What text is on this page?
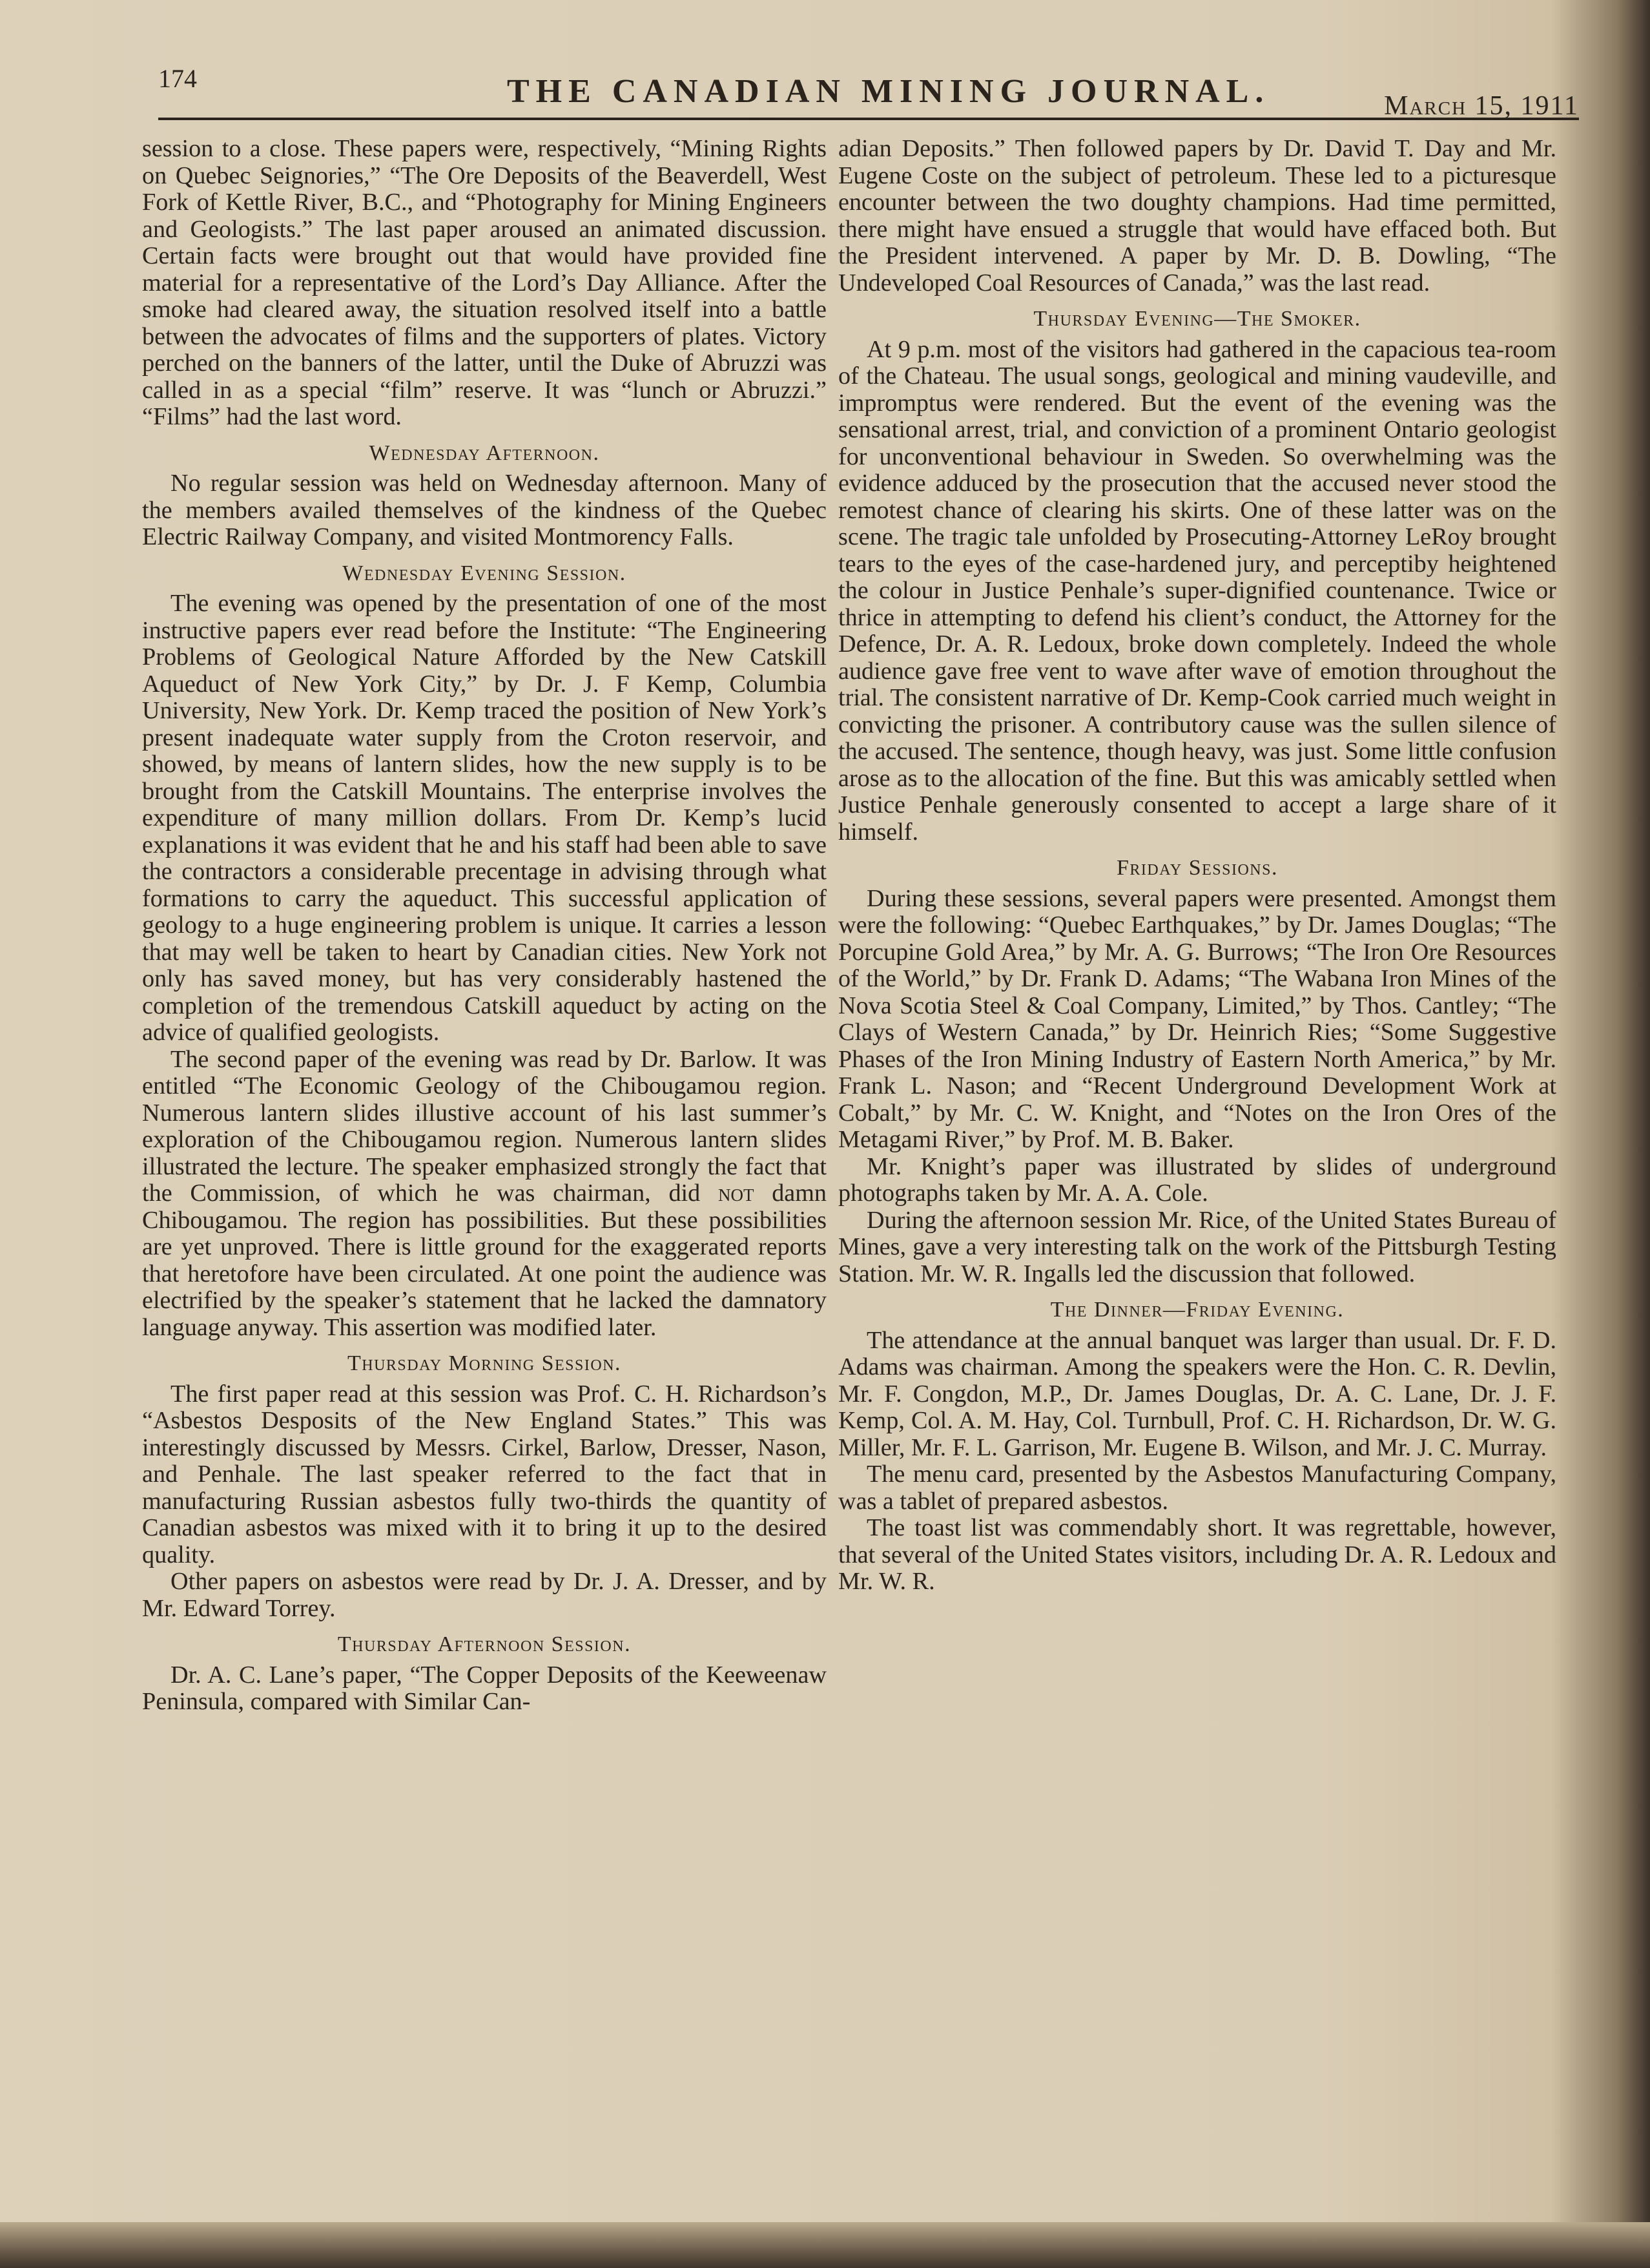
174	THE CANADIAN MINING JOURNAL.	March 15, 1911

session to a close. These papers were, respectively, “Mining Rights on Quebec Seignories,” “The Ore Deposits of the Beaverdell, West Fork of Kettle River, B.C., and “Photography for Mining Engineers and Geologists.” The last paper aroused an animated discussion. Certain facts were brought out that would have provided fine material for a representative of the Lord’s Day Alliance. After the smoke had cleared away, the situation resolved itself into a battle between the advocates of films and the supporters of plates. Victory perched on the banners of the latter, until the Duke of Abruzzi was called in as a special “film” reserve. It was “lunch or Abruzzi.” “Films” had the last word.

Wednesday Afternoon.

No regular session was held on Wednesday afternoon. Many of the members availed themselves of the kindness of the Quebec Electric Railway Company, and visited Montmorency Falls.

Wednesday Evening Session.

The evening was opened by the presentation of one of the most instructive papers ever read before the Institute: “The Engineering Problems of Geological Nature Afforded by the New Catskill Aqueduct of New York City,” by Dr. J. F Kemp, Columbia University, New York. Dr. Kemp traced the position of New York’s present inadequate water supply from the Croton reservoir, and showed, by means of lantern slides, how the new supply is to be brought from the Catskill Mountains. The enterprise involves the expenditure of many million dollars. From Dr. Kemp’s lucid explanations it was evident that he and his staff had been able to save the contractors a considerable precentage in advising through what formations to carry the aqueduct. This successful application of geology to a huge engineering problem is unique. It carries a lesson that may well be taken to heart by Canadian cities. New York not only has saved money, but has very considerably hastened the completion of the tremendous Catskill aqueduct by acting on the advice of qualified geologists.

The second paper of the evening was read by Dr. Barlow. It was entitled “The Economic Geology of the Chibougamou region. Numerous lantern slides illustive account of his last summer’s exploration of the Chibougamou region. Numerous lantern slides illustrated the lecture. The speaker emphasized strongly the fact that the Commission, of which he was chairman, did not damn Chibougamou. The region has possibilities. But these possibilities are yet unproved. There is little ground for the exaggerated reports that heretofore have been circulated. At one point the audience was electrified by the speaker’s statement that he lacked the damnatory language anyway. This assertion was modified later.

Thursday Morning Session.

The first paper read at this session was Prof. C. H. Richardson’s “Asbestos Desposits of the New England States.” This was interestingly discussed by Messrs. Cirkel, Barlow, Dresser, Nason, and Penhale. The last speaker referred to the fact that in manufacturing Russian asbestos fully two-thirds the quantity of Canadian asbestos was mixed with it to bring it up to the desired quality.

Other papers on asbestos were read by Dr. J. A. Dresser, and by Mr. Edward Torrey.

Thursday Afternoon Session.

Dr. A. C. Lane’s paper, “The Copper Deposits of the Keeweenaw Peninsula, compared with Similar Can-

adian Deposits.” Then followed papers by Dr. David T. Day and Mr. Eugene Coste on the subject of petroleum. These led to a picturesque encounter between the two doughty champions. Had time permitted, there might have ensued a struggle that would have effaced both. But the President intervened. A paper by Mr. D. B. Dowling, “The Undeveloped Coal Resources of Canada,” was the last read.

Thursday Evening—The Smoker.

At 9 p.m. most of the visitors had gathered in the capacious tea-room of the Chateau. The usual songs, geological and mining vaudeville, and impromptus were rendered. But the event of the evening was the sensational arrest, trial, and conviction of a prominent Ontario geologist for unconventional behaviour in Sweden. So overwhelming was the evidence adduced by the prosecution that the accused never stood the remotest chance of clearing his skirts. One of these latter was on the scene. The tragic tale unfolded by Prosecuting-Attorney LeRoy brought tears to the eyes of the case-hardened jury, and perceptiby heightened the colour in Justice Penhale’s super-dignified countenance. Twice or thrice in attempting to defend his client’s conduct, the Attorney for the Defence, Dr. A. R. Ledoux, broke down completely. Indeed the whole audience gave free vent to wave after wave of emotion throughout the trial. The consistent narrative of Dr. Kemp-Cook carried much weight in convicting the prisoner. A contributory cause was the sullen silence of the accused. The sentence, though heavy, was just. Some little confusion arose as to the allocation of the fine. But this was amicably settled when Justice Penhale generously consented to accept a large share of it himself.

Friday Sessions.

During these sessions, several papers were presented. Amongst them were the following: “Quebec Earthquakes,” by Dr. James Douglas; “The Porcupine Gold Area,” by Mr. A. G. Burrows; “The Iron Ore Resources of the World,” by Dr. Frank D. Adams; “The Wabana Iron Mines of the Nova Scotia Steel & Coal Company, Limited,” by Thos. Cantley; “The Clays of Western Canada,” by Dr. Heinrich Ries; “Some Suggestive Phases of the Iron Mining Industry of Eastern North America,” by Mr. Frank L. Nason; and “Recent Underground Development Work at Cobalt,” by Mr. C. W. Knight, and “Notes on the Iron Ores of the Metagami River,” by Prof. M. B. Baker.

Mr. Knight’s paper was illustrated by slides of underground photographs taken by Mr. A. A. Cole.

During the afternoon session Mr. Rice, of the United States Bureau of Mines, gave a very interesting talk on the work of the Pittsburgh Testing Station. Mr. W. R. Ingalls led the discussion that followed.

The Dinner—Friday Evening.

The attendance at the annual banquet was larger than usual. Dr. F. D. Adams was chairman. Among the speakers were the Hon. C. R. Devlin, Mr. F. Congdon, M.P., Dr. James Douglas, Dr. A. C. Lane, Dr. J. F. Kemp, Col. A. M. Hay, Col. Turnbull, Prof. C. H. Richardson, Dr. W. G. Miller, Mr. F. L. Garrison, Mr. Eugene B. Wilson, and Mr. J. C. Murray.

The menu card, presented by the Asbestos Manufacturing Company, was a tablet of prepared asbestos.

The toast list was commendably short. It was regrettable, however, that several of the United States visitors, including Dr. A. R. Ledoux and Mr. W. R.
